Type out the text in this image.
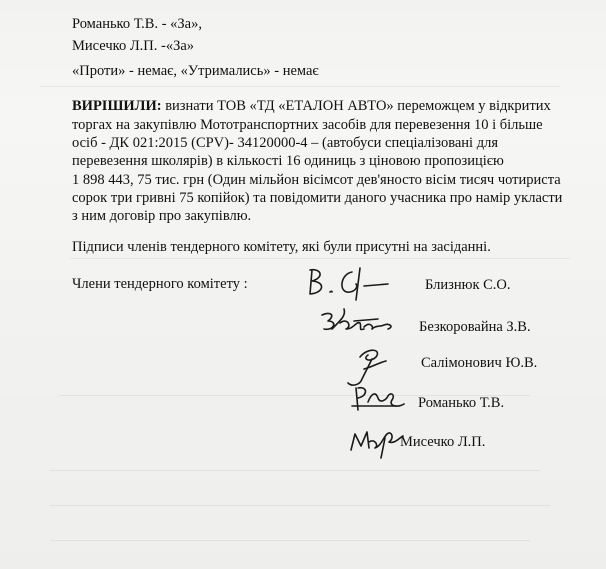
Романько Т.В. - «За»,
Мисечко Л.П. -«За»
«Проти» - немає, «Утримались» - немає
ВИРІШИЛИ: визнати ТОВ «ТД «ЕТАЛОН АВТО» переможцем у відкритих
торгах на закупівлю Мототранспортних засобів для перевезення 10 і більше
осіб - ДК 021:2015 (CPV)- 34120000-4 – (автобуси спеціалізовані для
перевезення школярів) в кількості 16 одиниць з ціновою пропозицією
1 898 443, 75 тис. грн (Один мільйон вісімсот дев'яносто вісім тисяч чотириста
сорок три гривні 75 копійок) та повідомити даного учасника про намір укласти
з ним договір про закупівлю.
Підписи членів тендерного комітету, які були присутні на засіданні.
Члени тендерного комітету :	Близнюк С.О.
Безкоровайна З.В.
Салімонович Ю.В.
Романько Т.В.
Мисечко Л.П.
